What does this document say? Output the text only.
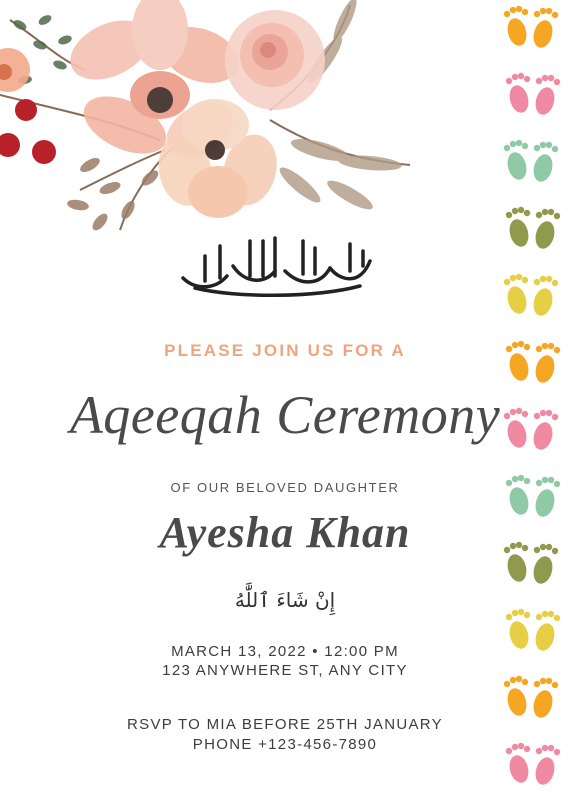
PLEASE JOIN US FOR A
Aqeeqah Ceremony
OF OUR BELOVED DAUGHTER
Ayesha Khan
إِنْ شَاءَ ٱللَّٰهُ
MARCH 13, 2022 • 12:00 PM
123 ANYWHERE ST, ANY CITY
RSVP TO MIA BEFORE 25TH JANUARY
PHONE +123-456-7890
